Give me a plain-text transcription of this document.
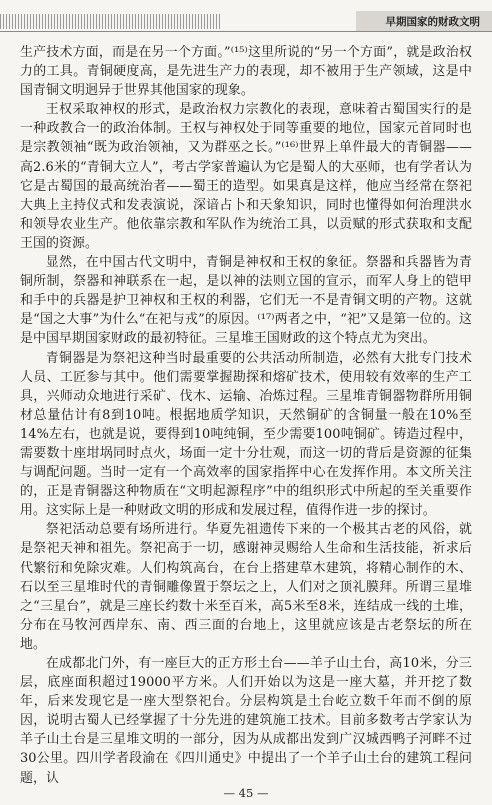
早期国家的财政文明

生产技术方面，而是在另一个方面。”⁽¹⁵⁾这里所说的“另一个方面”，就是政治权力的工具。青铜硬度高，是先进生产力的表现，却不被用于生产领域，这是中国青铜文明迥异于世界其他国家的现象。

王权采取神权的形式，是政治权力宗教化的表现，意味着古蜀国实行的是一种政教合一的政治体制。王权与神权处于同等重要的地位，国家元首同时也是宗教领袖“既为政治领袖，又为群巫之长。”⁽¹⁶⁾世界上单件最大的青铜器——高2.6米的“青铜大立人”，考古学家普遍认为它是蜀人的大巫师，也有学者认为它是古蜀国的最高统治者——蜀王的造型。如果真是这样，他应当经常在祭祀大典上主持仪式和发表演说，深谙占卜和天象知识，同时也懂得如何治理洪水和领导农业生产。他依靠宗教和军队作为统治工具，以贡赋的形式获取和支配王国的资源。

显然，在中国古代文明中，青铜是神权和王权的象征。祭器和兵器皆为青铜所制，祭器和神联系在一起，是以神的法则立国的宣示，而军人身上的铠甲和手中的兵器是护卫神权和王权的利器，它们无一不是青铜文明的产物。这就是“国之大事”为什么“在祀与戎”的原因。⁽¹⁷⁾两者之中，“祀”又是第一位的。这是中国早期国家财政的最初特征。三星堆王国财政的这个特点尤为突出。

青铜器是为祭祀这种当时最重要的公共活动所制造，必然有大批专门技术人员、工匠参与其中。他们需要掌握勘探和熔矿技术，使用较有效率的生产工具，兴师动众地进行采矿、伐木、运输、冶炼过程。三星堆青铜器物群所用铜材总量估计有8到10吨。根据地质学知识，天然铜矿的含铜量一般在10%至14%左右，也就是说，要得到10吨纯铜，至少需要100吨铜矿。铸造过程中，需要数十座坩埚同时点火，场面一定十分壮观，而这一切的背后是资源的征集与调配问题。当时一定有一个高效率的国家指挥中心在发挥作用。本文所关注的，正是青铜器这种物质在“文明起源程序”中的组织形式中所起的至关重要作用。这实际上是一种财政文明的形成和发展过程，值得作进一步的探讨。

祭祀活动总要有场所进行。华夏先祖遗传下来的一个极其古老的风俗，就是祭祀天神和祖先。祭祀高于一切，感谢神灵赐给人生命和生活技能，祈求后代繁衍和免除灾难。人们构筑高台，在台上搭建草木建筑，将精心制作的木、石以至三星堆时代的青铜雕像置于祭坛之上，人们对之顶礼膜拜。所谓三星堆之“三星台”，就是三座长约数十米至百米，高5米至8米，连结成一线的土堆，分布在马牧河西岸东、南、西三面的台地上，这里就应该是古老祭坛的所在地。

在成都北门外，有一座巨大的正方形土台——羊子山土台，高10米，分三层，底座面积超过19000平方米。人们开始以为这是一座大墓，并开挖了数年，后来发现它是一座大型祭祀台。分层构筑是土台屹立数千年而不倒的原因，说明古蜀人已经掌握了十分先进的建筑施工技术。目前多数考古学家认为羊子山土台是三星堆文明的一部分，因为从成都出发到广汉城西鸭子河畔不过30公里。四川学者段渝在《四川通史》中提出了一个羊子山土台的建筑工程问题，认

— 45 —
